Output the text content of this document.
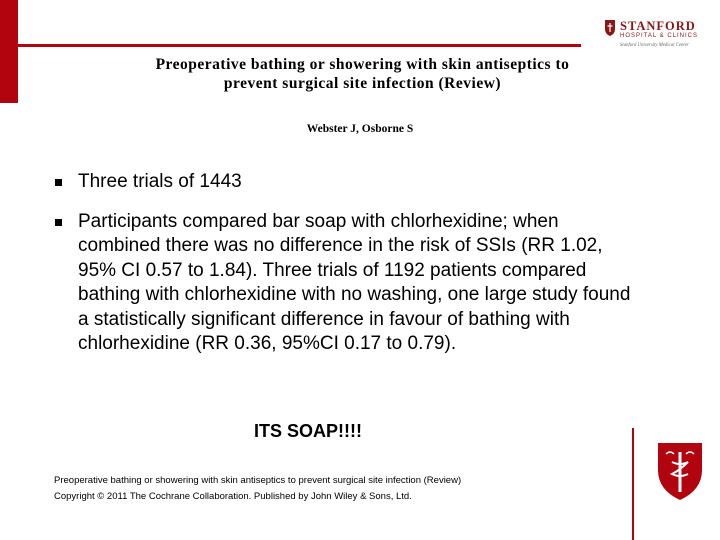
STANFORD
HOSPITAL & CLINICS
Stanford University Medical Center
Preoperative bathing or showering with skin antiseptics to
prevent surgical site infection (Review)
Webster J, Osborne S
Three trials of 1443
Participants compared bar soap with chlorhexidine; when combined there was no difference in the risk of SSIs (RR 1.02, 95% CI 0.57 to 1.84). Three trials of 1192 patients compared bathing with chlorhexidine with no washing, one large study found a statistically significant difference in favour of bathing with chlorhexidine (RR 0.36, 95%CI 0.17 to 0.79).
ITS SOAP!!!!
Preoperative bathing or showering with skin antiseptics to prevent surgical site infection (Review)
Copyright © 2011 The Cochrane Collaboration. Published by John Wiley & Sons, Ltd.
